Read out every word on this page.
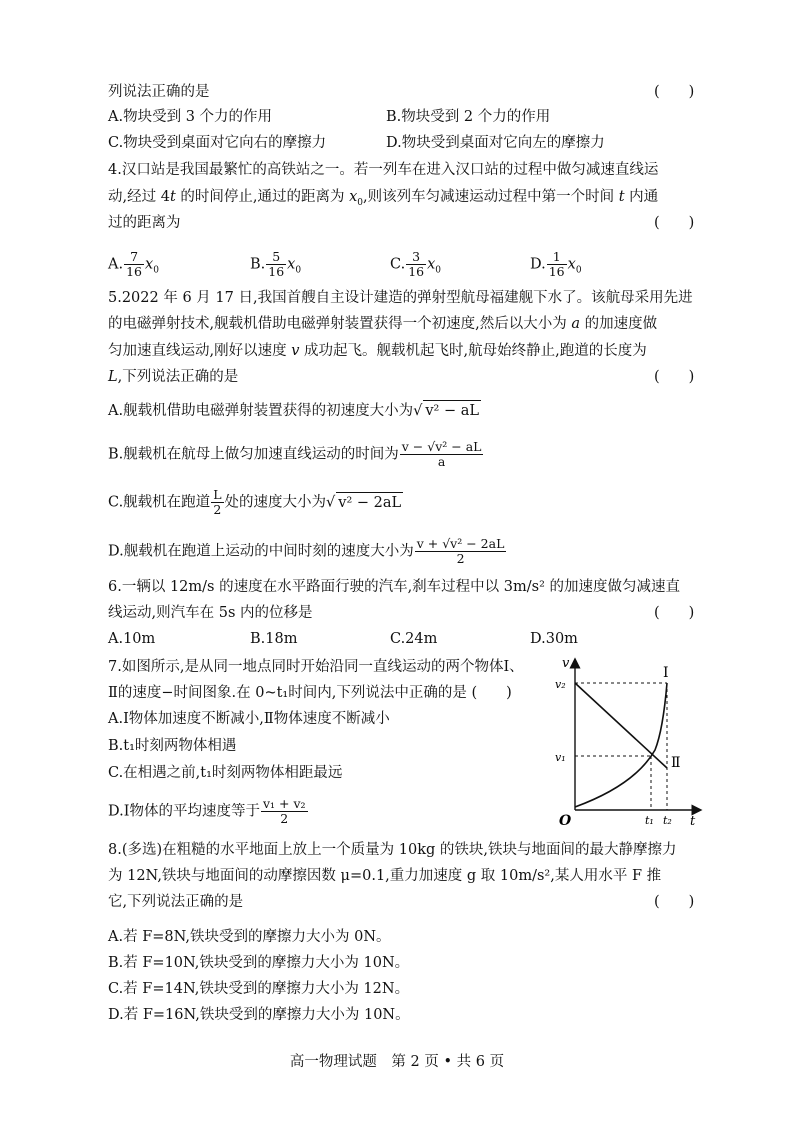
列说法正确的是	(　　)
A.物块受到 3 个力的作用	B.物块受到 2 个力的作用
C.物块受到桌面对它向右的摩擦力	D.物块受到桌面对它向左的摩擦力
4.汉口站是我国最繁忙的高铁站之一。若一列车在进入汉口站的过程中做匀减速直线运
动,经过 4t 的时间停止,通过的距离为 $x_0$,则该列车匀减速运动过程中第一个时间 t 内通
过的距离为	(　　)
A. $\frac{7}{16} x_0$	B. $\frac{5}{16} x_0$	C. $\frac{3}{16} x_0$	D. $\frac{1}{16} x_0$
5.2022 年 6 月 17 日,我国首艘自主设计建造的弹射型航母福建舰下水了。该航母采用先进
的电磁弹射技术,舰载机借助电磁弹射装置获得一个初速度,然后以大小为 a 的加速度做
匀加速直线运动,刚好以速度 v 成功起飞。舰载机起飞时,航母始终静止,跑道的长度为
L,下列说法正确的是	(　　)
A.舰载机借助电磁弹射装置获得的初速度大小为√ v² − aL
B.舰载机在航母上做匀加速直线运动的时间为 $\frac{\text{v − √v² − aL}}{a}$
C.舰载机在跑道 $\frac{L}{2}$ 处的速度大小为√ v² − 2aL
D.舰载机在跑道上运动的中间时刻的速度大小为 $\frac{\text{v + √v² − 2aL}}{2}$
6.一辆以 12m/s 的速度在水平路面行驶的汽车,刹车过程中以 3m/s² 的加速度做匀减速直
线运动,则汽车在 5s 内的位移是	(　　)
A.10m	B.18m	C.24m	D.30m
7.如图所示,是从同一地点同时开始沿同一直线运动的两个物体Ⅰ、
Ⅱ的速度−时间图象.在 0~t₁时间内,下列说法中正确的是 (　　)
A.Ⅰ物体加速度不断减小,Ⅱ物体速度不断减小
B.t₁时刻两物体相遇
C.在相遇之前,t₁时刻两物体相距最远
D.Ⅰ物体的平均速度等于 $\frac{\text{v₁ + v₂}}{2}$
v
t
O
v₂
v₁
t₁ t₂
Ⅰ
Ⅱ
8.(多选)在粗糙的水平地面上放上一个质量为 10kg 的铁块,铁块与地面间的最大静摩擦力
为 12N,铁块与地面间的动摩擦因数 μ=0.1,重力加速度 g 取 10m/s²,某人用水平 F 推
它,下列说法正确的是	(　　)
A.若 F=8N,铁块受到的摩擦力大小为 0N。
B.若 F=10N,铁块受到的摩擦力大小为 10N。
C.若 F=14N,铁块受到的摩擦力大小为 12N。
D.若 F=16N,铁块受到的摩擦力大小为 10N。
高一物理试题　第 2 页 • 共 6 页
